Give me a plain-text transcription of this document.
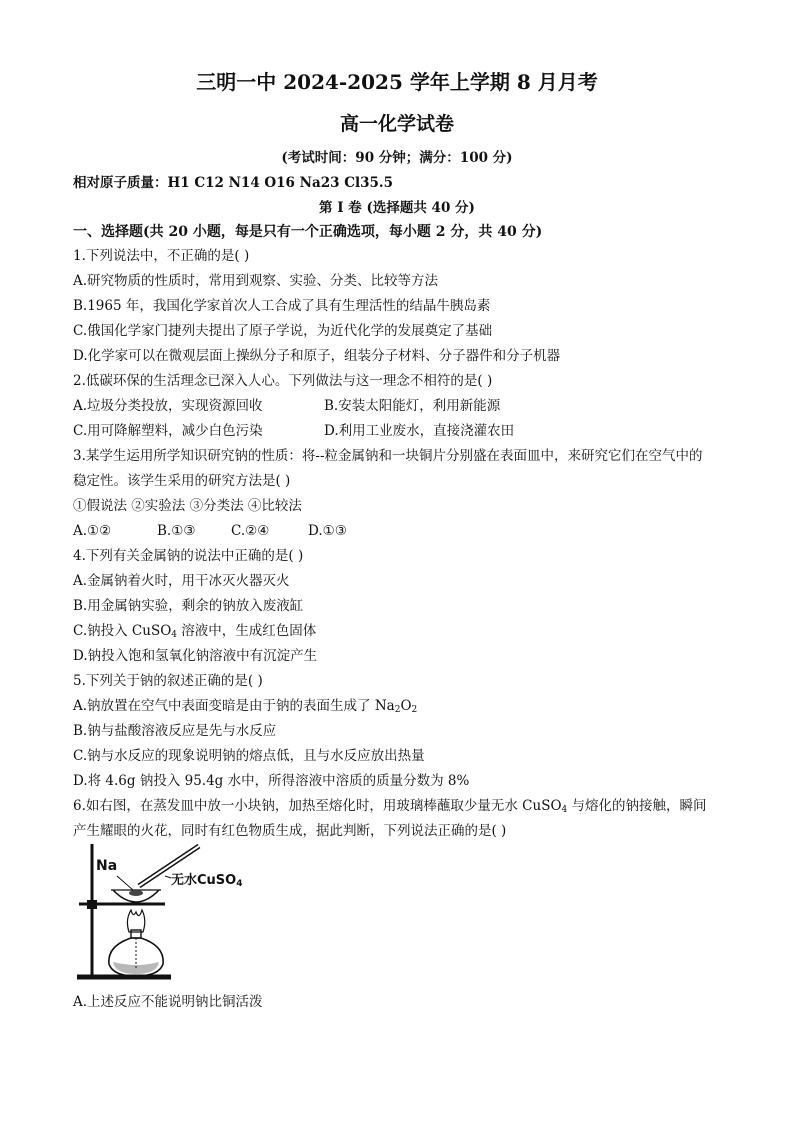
三明一中 2024-2025 学年上学期 8 月月考
高一化学试卷
(考试时间：90 分钟；满分：100 分)
相对原子质量：H1 C12 N14 O16 Na23 Cl35.5
第 I 卷 (选择题共 40 分)
一、选择题(共 20 小题，每是只有一个正确选项，每小题 2 分，共 40 分)
1.下列说法中，不正确的是( )
A.研究物质的性质时，常用到观察、实验、分类、比较等方法
B.1965 年，我国化学家首次人工合成了具有生理活性的结晶牛胰岛素
C.俄国化学家门捷列夫提出了原子学说，为近代化学的发展奠定了基础
D.化学家可以在微观层面上操纵分子和原子，组装分子材料、分子器件和分子机器
2.低碳环保的生活理念已深入人心。下列做法与这一理念不相符的是( )
A.垃圾分类投放，实现资源回收	B.安装太阳能灯，利用新能源
C.用可降解塑料，减少白色污染	D.利用工业废水，直接浇灌农田
3.某学生运用所学知识研究钠的性质：将--粒金属钠和一块铜片分别盛在表面皿中，来研究它们在空气中的
稳定性。该学生采用的研究方法是( )
①假说法 ②实验法 ③分类法 ④比较法
A.①②	B.①③	C.②④	D.①③
4.下列有关金属钠的说法中正确的是( )
A.金属钠着火时，用干冰灭火器灭火
B.用金属钠实验，剩余的钠放入废液缸
C.钠投入 CuSO$_4$ 溶液中，生成红色固体
D.钠投入饱和氢氧化钠溶液中有沉淀产生
5.下列关于钠的叙述正确的是( )
A.钠放置在空气中表面变暗是由于钠的表面生成了 $Na_2O_2$
B.钠与盐酸溶液反应是先与水反应
C.钠与水反应的现象说明钠的熔点低，且与水反应放出热量
D.将 4.6g 钠投入 95.4g 水中，所得溶液中溶质的质量分数为 8%
6.如右图，在蒸发皿中放一小块钠，加热至熔化时，用玻璃棒蘸取少量无水 CuSO$_4$ 与熔化的钠接触，瞬间
产生耀眼的火花，同时有红色物质生成，据此判断，下列说法正确的是( )
Na
无水CuSO$_4$
A.上述反应不能说明钠比铜活泼
